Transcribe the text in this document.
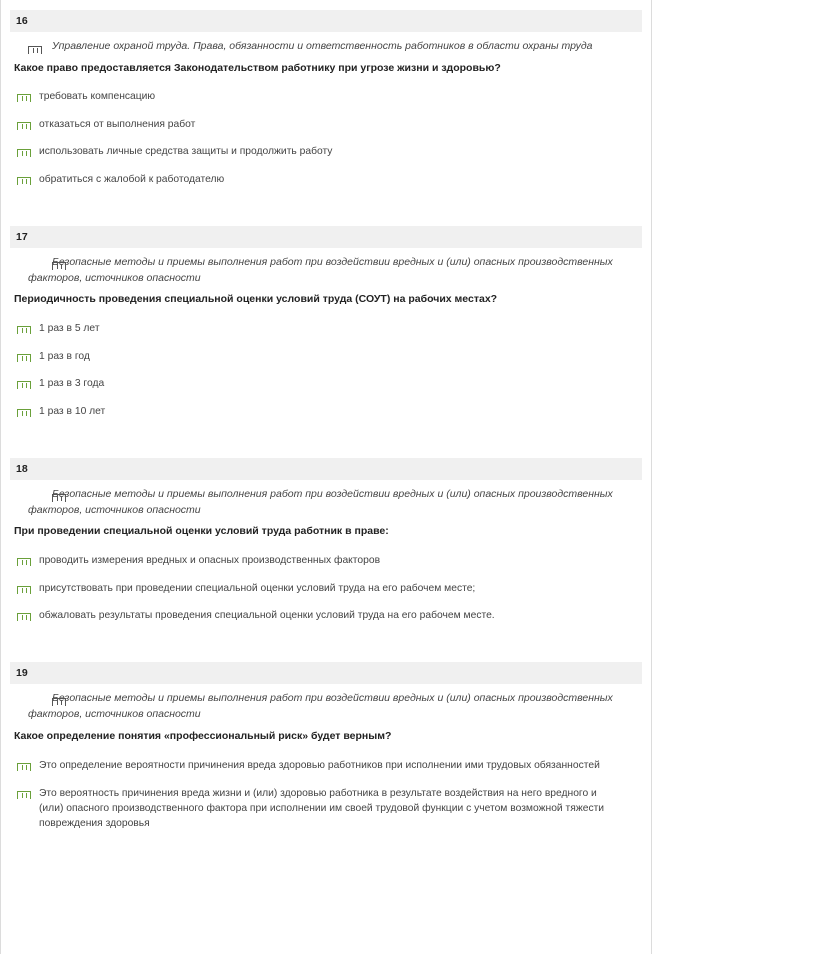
16
Управление охраной труда. Права, обязанности и ответственность работников в области охраны труда
Какое право предоставляется Законодательством работнику при угрозе жизни и здоровью?
требовать компенсацию
отказаться от выполнения работ
использовать личные средства защиты и продолжить работу
обратиться с жалобой к работодателю
17
Безопасные методы и приемы выполнения работ при воздействии вредных и (или) опасных производственных факторов, источников опасности
Периодичность проведения специальной оценки условий труда (СОУТ) на рабочих местах?
1 раз в 5 лет
1 раз в год
1 раз в 3 года
1 раз в 10 лет
18
Безопасные методы и приемы выполнения работ при воздействии вредных и (или) опасных производственных факторов, источников опасности
При проведении специальной оценки условий труда работник в праве:
проводить измерения вредных и опасных производственных факторов
присутствовать при проведении специальной оценки условий труда на его рабочем месте;
обжаловать результаты проведения специальной оценки условий труда на его рабочем месте.
19
Безопасные методы и приемы выполнения работ при воздействии вредных и (или) опасных производственных факторов, источников опасности
Какое определение понятия «профессиональный риск» будет верным?
Это определение вероятности причинения вреда здоровью работников при исполнении ими трудовых обязанностей
Это вероятность причинения вреда жизни и (или) здоровью работника в результате воздействия на него вредного и (или) опасного производственного фактора при исполнении им своей трудовой функции с учетом возможной тяжести повреждения здоровья
